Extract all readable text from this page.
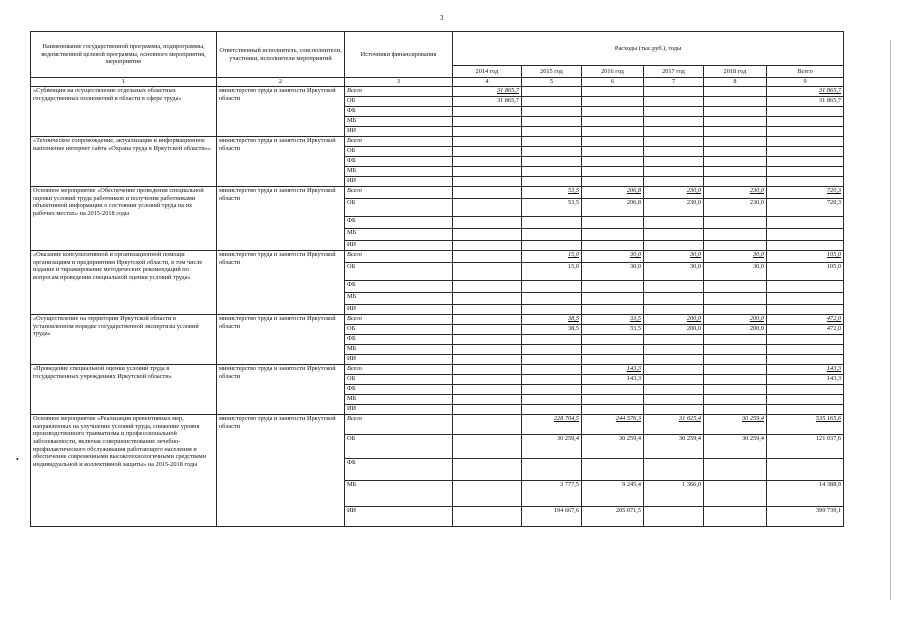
3
Наименование государственной программы, подпрограммы, ведомственной целевой программы, основного мероприятия, мероприятия	Ответственный исполнитель, соисполнители, участники, исполнители мероприятий	Источники финансирования	Расходы (тыс.руб.), годы					
			2014 год	2015 год	2016 год	2017 год	2018 год	Всего
1	2	3	4	5	6	7	8	9
«Субвенции на осуществление отдельных областных государственных полномочий в области в сфере труда»	министерство труда и занятости Иркутской области	Всего	31 865,7					31 865,7
		ОБ	31 865,7					31 865,7
		ФБ						
		МБ						
		ИИ						
«Техническое сопровождение, актуализация и информационное наполнение интернет сайта «Охрана труда в Иркутской области»»	министерство труда и занятости Иркутской области	Всего						
		ОБ						
		ФБ						
		МБ						
		ИИ						
Основное мероприятие «Обеспечение проведения специальной оценки условий труда работников и получения работниками объективной информации о состоянии условий труда на их рабочих местах» на 2015-2018 годы	министерство труда и занятости Иркутской области	Всего		53,5	206,8	230,0	230,0	720,3
		ОБ		53,5	206,8	230,0	230,0	720,3
		ФБ						
		МБ						
		ИИ						
«Оказание консультативной и организационной помощи организациям и предприятиям Иркутской области, в том числе издание и тиражирование методических рекомендаций по вопросам проведения специальной оценки условий труда»	министерство труда и занятости Иркутской области	Всего		15,0	30,0	30,0	30,0	105,0
		ОБ		15,0	30,0	30,0	30,0	105,0
		ФБ						
		МБ						
		ИИ						
«Осуществление на территории Иркутской области в установленном порядке государственной экспертизы условий труда»	министерство труда и занятости Иркутской области	Всего		38,5	33,5	200,0	200,0	472,0
		ОБ		38,5	33,5	200,0	200,0	472,0
		ФБ						
		МБ						
		ИИ						
«Проведение специальной оценки условий труда в государственных учреждениях Иркутской области»	министерство труда и занятости Иркутской области	Всего			143,3			143,3
		ОБ			143,3			143,3
		ФБ						
		МБ						
		ИИ						
Основное мероприятие «Реализация превентивных мер, направленных на улучшение условий труда, снижение уровня производственного травматизма и профессиональной заболеваемости, включая совершенствование лечебно-профилактического обслуживания работающего населения и обеспечение современными высокотехнологичными средствами индивидуальной и коллективной защиты» на 2015-2018 годы	министерство труда и занятости Иркутской области	Всего		228 704,5	244 576,3	31 625,4	30 259,4	535 165,6
		ОБ		30 259,4	30 259,4	30 259,4	30 259,4	121 037,6
		ФБ						
		МБ		3 777,5	9 245,4	1 366,0		14 388,9
		ИИ		194 667,6	205 071,5			399 739,1
•
